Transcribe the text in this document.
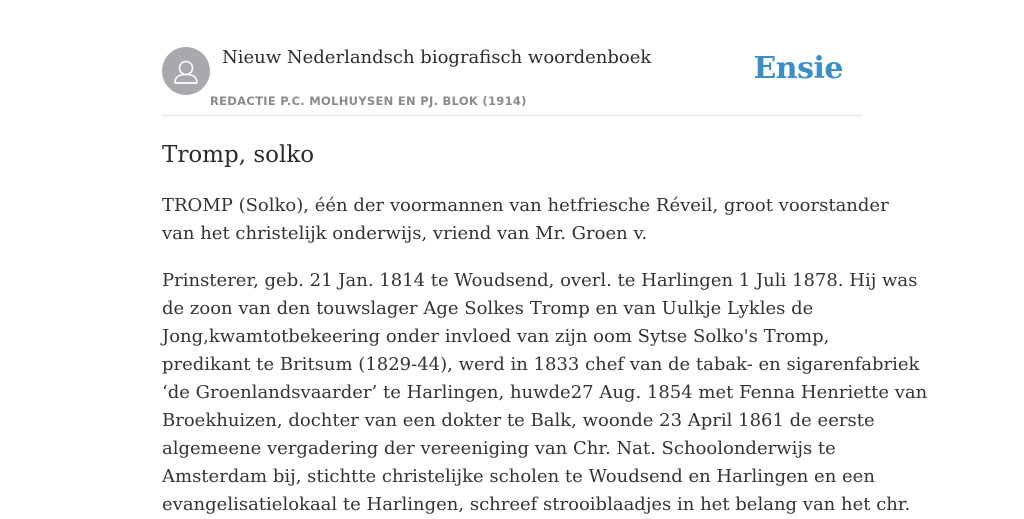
Nieuw Nederlandsch biografisch woordenboek
REDACTIE P.C. MOLHUYSEN EN PJ. BLOK (1914)
Ensie
Tromp, solko

TROMP (Solko), één der voormannen van hetfriesche Réveil, groot voorstander
van het christelijk onderwijs, vriend van Mr. Groen v.

Prinsterer, geb. 21 Jan. 1814 te Woudsend, overl. te Harlingen 1 Juli 1878. Hij was
de zoon van den touwslager Age Solkes Tromp en van Uulkje Lykles de
Jong,kwamtotbekeering onder invloed van zijn oom Sytse Solko's Tromp,
predikant te Britsum (1829-44), werd in 1833 chef van de tabak- en sigarenfabriek
‘de Groenlandsvaarder’ te Harlingen, huwde27 Aug. 1854 met Fenna Henriette van
Broekhuizen, dochter van een dokter te Balk, woonde 23 April 1861 de eerste
algemeene vergadering der vereeniging van Chr. Nat. Schoolonderwijs te
Amsterdam bij, stichtte christelijke scholen te Woudsend en Harlingen en een
evangelisatielokaal te Harlingen, schreef strooiblaadjes in het belang van het chr.
